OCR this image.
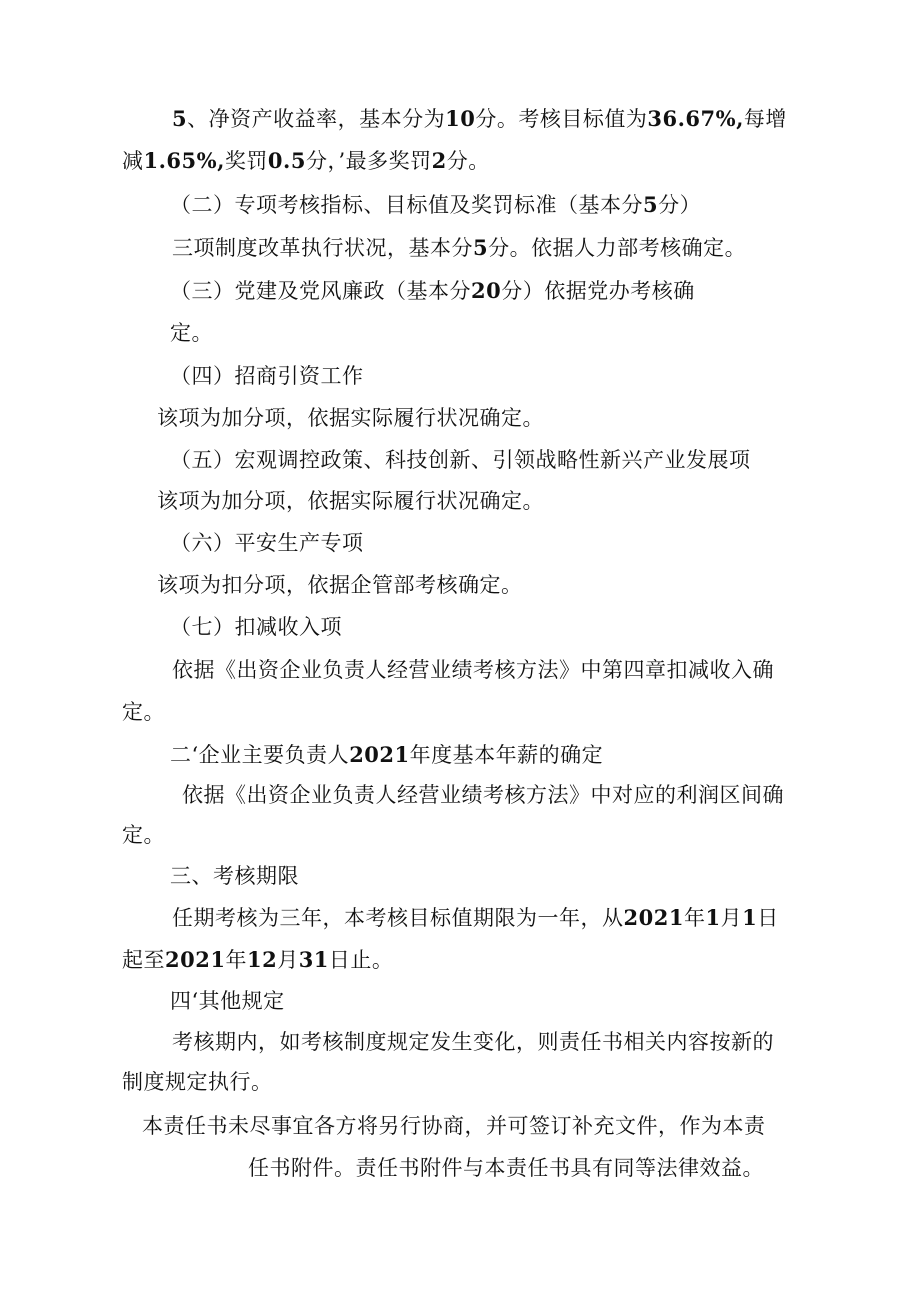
5、净资产收益率，基本分为10分。考核目标值为36.67%,每增
减1.65%,奖罚0.5分，’最多奖罚2分。
（二）专项考核指标、目标值及奖罚标准（基本分5分）
三项制度改革执行状况，基本分5分。依据人力部考核确定。
（三）党建及党风廉政（基本分20分）依据党办考核确
定。
（四）招商引资工作
该项为加分项，依据实际履行状况确定。
（五）宏观调控政策、科技创新、引领战略性新兴产业发展项
该项为加分项，依据实际履行状况确定。
（六）平安生产专项
该项为扣分项，依据企管部考核确定。
（七）扣减收入项
依据《出资企业负责人经营业绩考核方法》中第四章扣减收入确
定。
二‘企业主要负责人2021年度基本年薪的确定
依据《出资企业负责人经营业绩考核方法》中对应的利润区间确
定。
三、考核期限
任期考核为三年，本考核目标值期限为一年，从2021年1月1日
起至2021年12月31日止。
四‘其他规定
考核期内，如考核制度规定发生变化，则责任书相关内容按新的
制度规定执行。
本责任书未尽事宜各方将另行协商，并可签订补充文件，作为本责
任书附件。责任书附件与本责任书具有同等法律效益。
